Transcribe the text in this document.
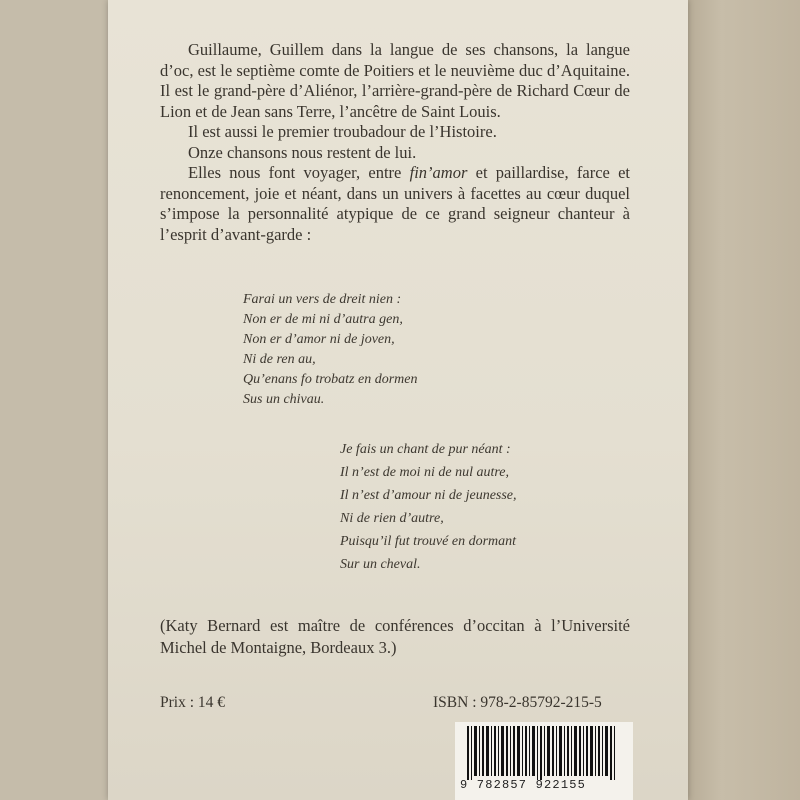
Guillaume, Guillem dans la langue de ses chansons, la langue d’oc, est le septième comte de Poitiers et le neuvième duc d’Aquitaine. Il est le grand-père d’Aliénor, l’arrière-grand-père de Richard Cœur de Lion et de Jean sans Terre, l’ancêtre de Saint Louis.

Il est aussi le premier troubadour de l’Histoire.

Onze chansons nous restent de lui.

Elles nous font voyager, entre fin’amor et paillardise, farce et renoncement, joie et néant, dans un univers à facettes au cœur duquel s’impose la personnalité atypique de ce grand seigneur chanteur à l’esprit d’avant-garde :

Farai un vers de dreit nien :
Non er de mi ni d’autra gen,
Non er d’amor ni de joven,
Ni de ren au,
Qu’enans fo trobatz en dormen
Sus un chivau.
Je fais un chant de pur néant :
Il n’est de moi ni de nul autre,
Il n’est d’amour ni de jeunesse,
Ni de rien d’autre,
Puisqu’il fut trouvé en dormant
Sur un cheval.

(Katy Bernard est maître de conférences d’occitan à l’Université Michel de Montaigne, Bordeaux 3.)

Prix : 14 €	ISBN : 978-2-85792-215-5
9 782857 922155
